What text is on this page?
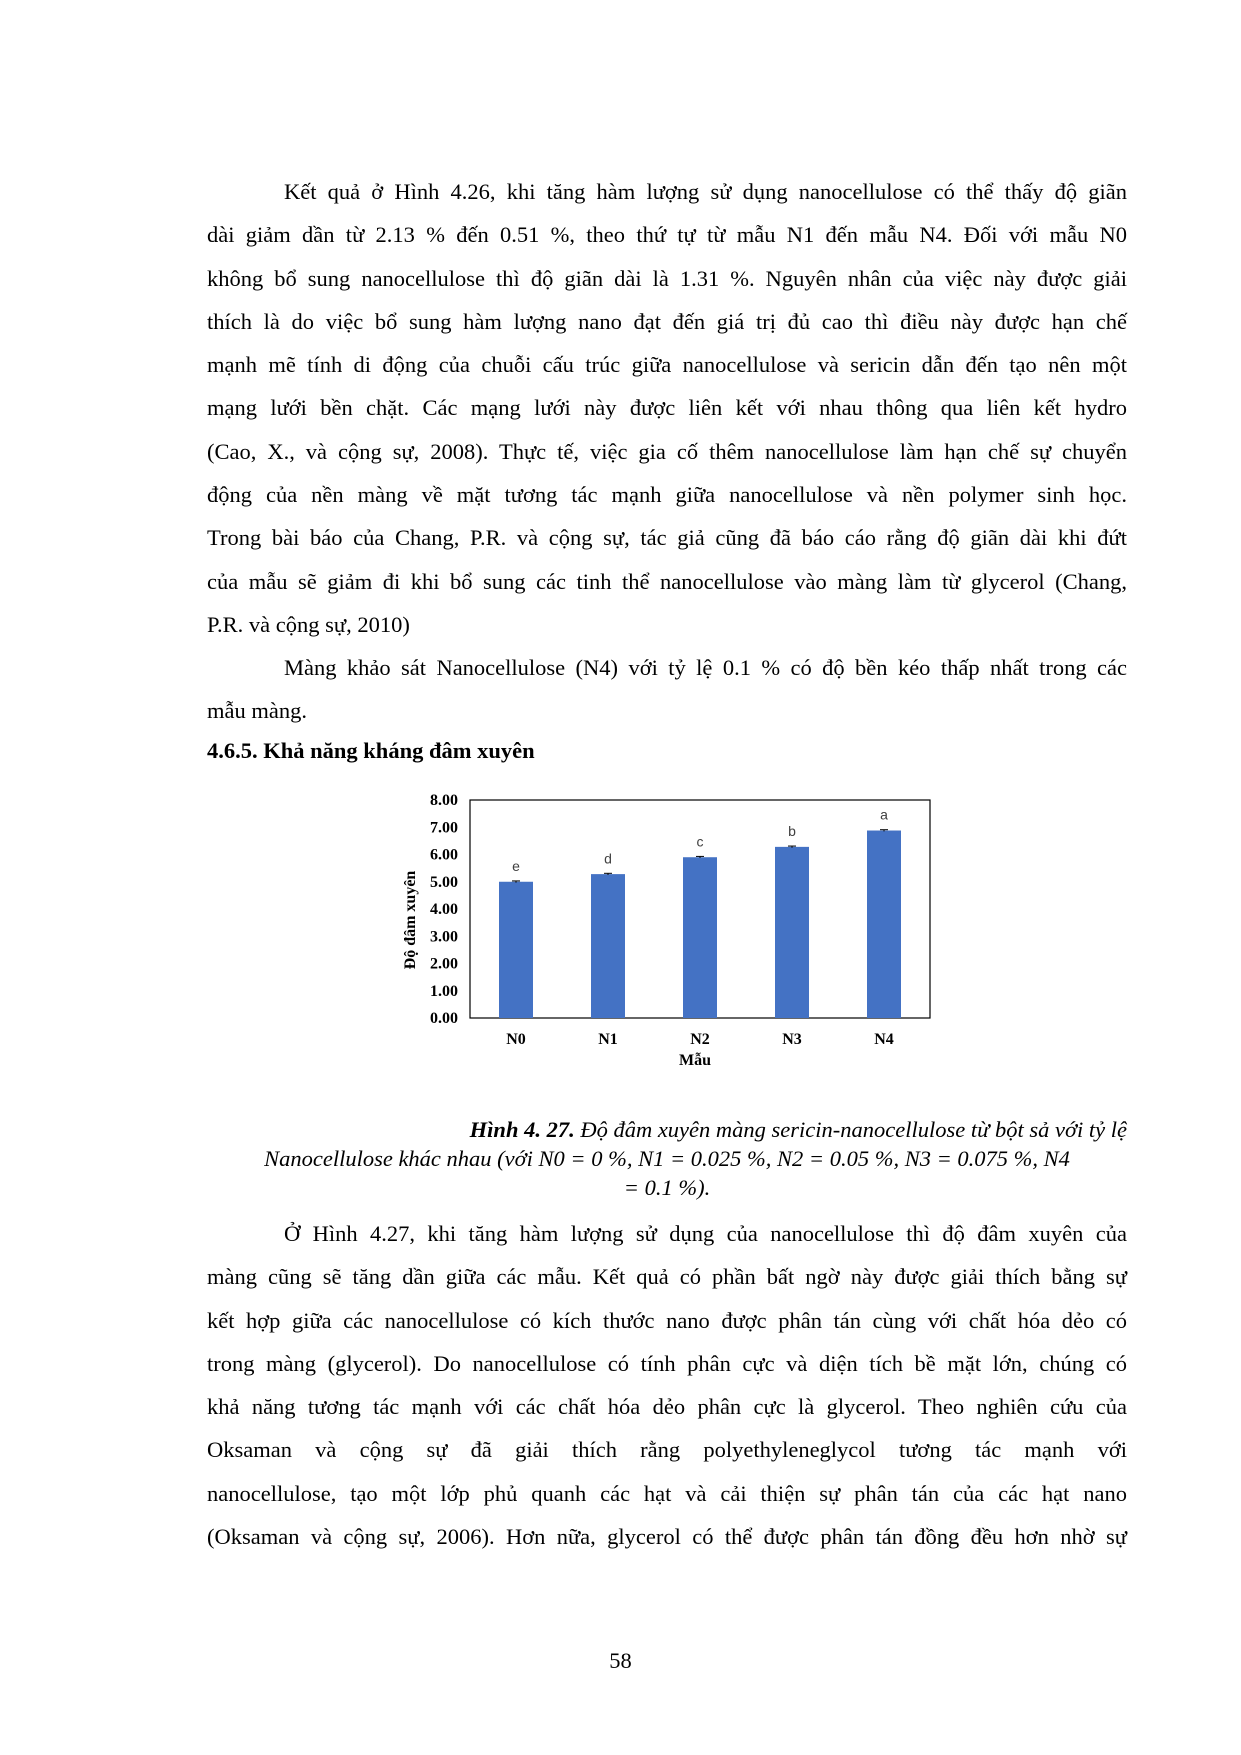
Kết quả ở Hình 4.26, khi tăng hàm lượng sử dụng nanocellulose có thể thấy độ giãn
dài giảm dần từ 2.13 % đến 0.51 %, theo thứ tự từ mẫu N1 đến mẫu N4. Đối với mẫu N0
không bổ sung nanocellulose thì độ giãn dài là 1.31 %. Nguyên nhân của việc này được giải
thích là do việc bổ sung hàm lượng nano đạt đến giá trị đủ cao thì điều này được hạn chế
mạnh mẽ tính di động của chuỗi cấu trúc giữa nanocellulose và sericin dẫn đến tạo nên một
mạng lưới bền chặt. Các mạng lưới này được liên kết với nhau thông qua liên kết hydro
(Cao, X., và cộng sự, 2008). Thực tế, việc gia cố thêm nanocellulose làm hạn chế sự chuyển
động của nền màng về mặt tương tác mạnh giữa nanocellulose và nền polymer sinh học.
Trong bài báo của Chang, P.R. và cộng sự, tác giả cũng đã báo cáo rằng độ giãn dài khi đứt
của mẫu sẽ giảm đi khi bổ sung các tinh thể nanocellulose vào màng làm từ glycerol (Chang,
P.R. và cộng sự, 2010)
Màng khảo sát Nanocellulose (N4) với tỷ lệ 0.1 % có độ bền kéo thấp nhất trong các
mẫu màng.
4.6.5. Khả năng kháng đâm xuyên
0.00
1.00
2.00
3.00
4.00
5.00
6.00
7.00
8.00
e	d
c
b
a
N0	N1	N2	N3	N4
Độ đâm xuyên
Mẫu
Hình 4. 27. Độ đâm xuyên màng sericin-nanocellulose từ bột sả với tỷ lệ
Nanocellulose khác nhau (với N0 = 0 %, N1 = 0.025 %, N2 = 0.05 %, N3 = 0.075 %, N4
= 0.1 %).
Ở Hình 4.27, khi tăng hàm lượng sử dụng của nanocellulose thì độ đâm xuyên của
màng cũng sẽ tăng dần giữa các mẫu. Kết quả có phần bất ngờ này được giải thích bằng sự
kết hợp giữa các nanocellulose có kích thước nano được phân tán cùng với chất hóa dẻo có
trong màng (glycerol). Do nanocellulose có tính phân cực và diện tích bề mặt lớn, chúng có
khả năng tương tác mạnh với các chất hóa dẻo phân cực là glycerol. Theo nghiên cứu của
Oksaman và cộng sự đã giải thích rằng polyethyleneglycol tương tác mạnh với
nanocellulose, tạo một lớp phủ quanh các hạt và cải thiện sự phân tán của các hạt nano
(Oksaman và cộng sự, 2006). Hơn nữa, glycerol có thể được phân tán đồng đều hơn nhờ sự
58
